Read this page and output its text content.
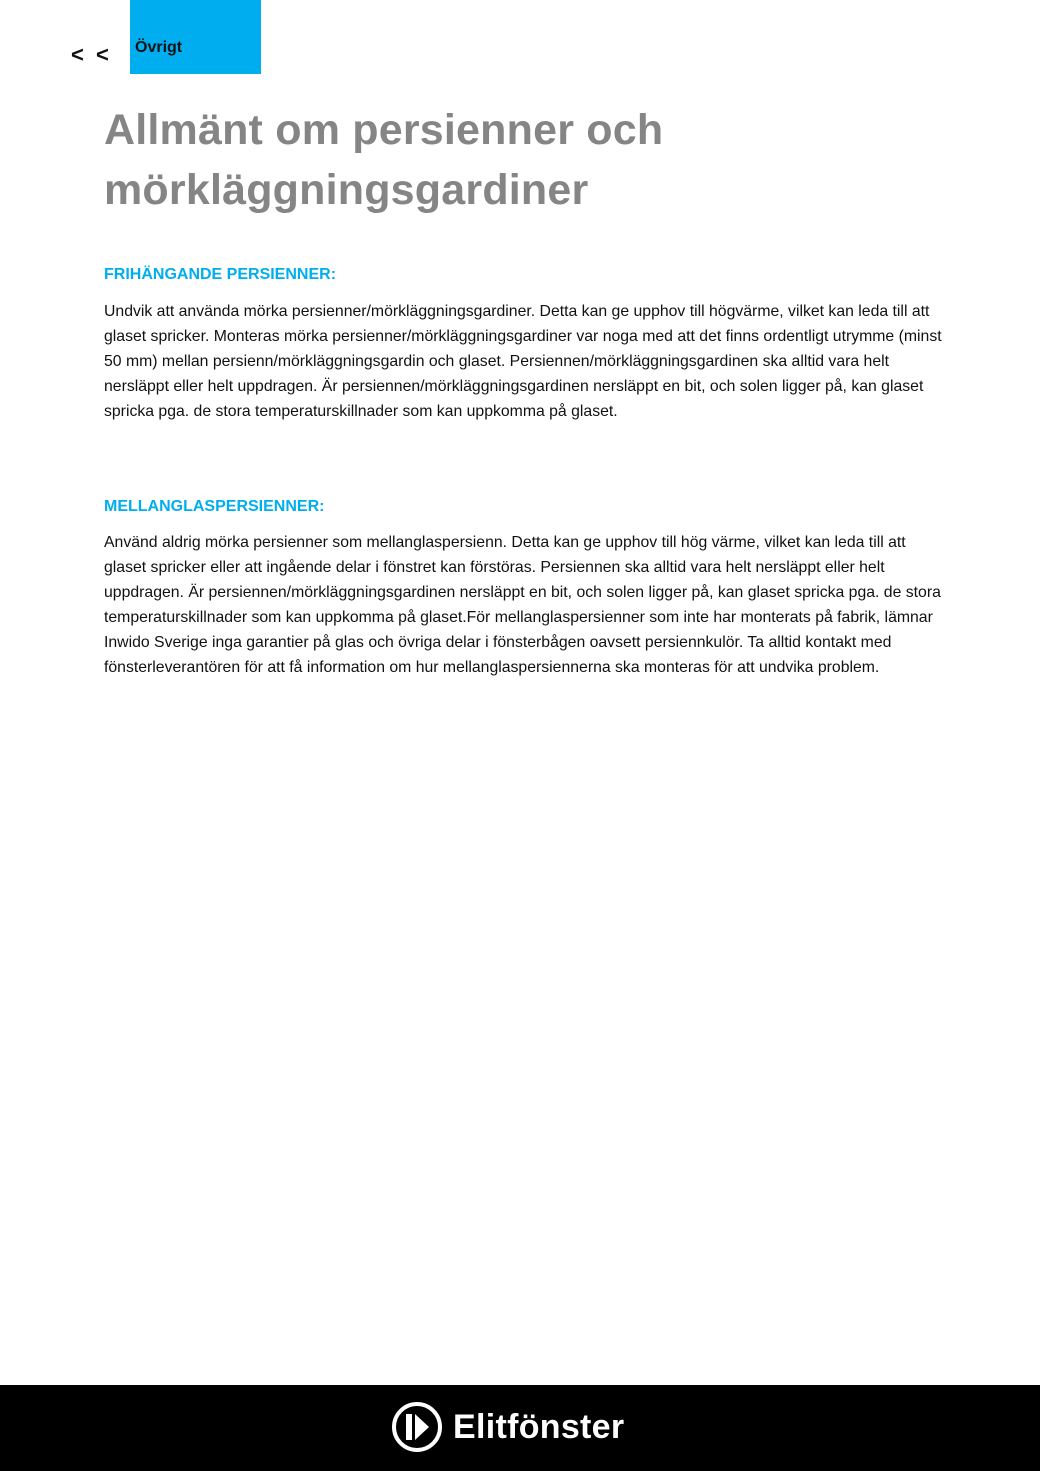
< < Övrigt
Allmänt om persienner och mörkläggningsgardiner
FRIHÄNGANDE PERSIENNER:

Undvik att använda mörka persienner/mörkläggningsgardiner. Detta kan ge upphov till högvärme, vilket kan leda till att glaset spricker. Monteras mörka persienner/mörkläggningsgardiner var noga med att det finns ordentligt utrymme (minst 50 mm) mellan persienn/mörkläggningsgardin och glaset. Persiennen/mörkläggningsgardinen ska alltid vara helt nersläppt eller helt uppdragen. Är persiennen/mörkläggningsgardinen nersläppt en bit, och solen ligger på, kan glaset spricka pga. de stora temperaturskillnader som kan uppkomma på glaset.

MELLANGLASPERSIENNER:

Använd aldrig mörka persienner som mellanglaspersienn. Detta kan ge upphov till hög värme, vilket kan leda till att glaset spricker eller att ingående delar i fönstret kan förstöras. Persiennen ska alltid vara helt nersläppt eller helt uppdragen. Är persiennen/mörkläggningsgardinen nersläppt en bit, och solen ligger på, kan glaset spricka pga. de stora temperaturskillnader som kan uppkomma på glaset.För mellanglaspersienner som inte har monterats på fabrik, lämnar Inwido Sverige inga garantier på glas och övriga delar i fönsterbågen oavsett persiennkulör. Ta alltid kontakt med fönsterleverantören för att få information om hur mellanglaspersiennerna ska monteras för att undvika problem.

Elitfönster
